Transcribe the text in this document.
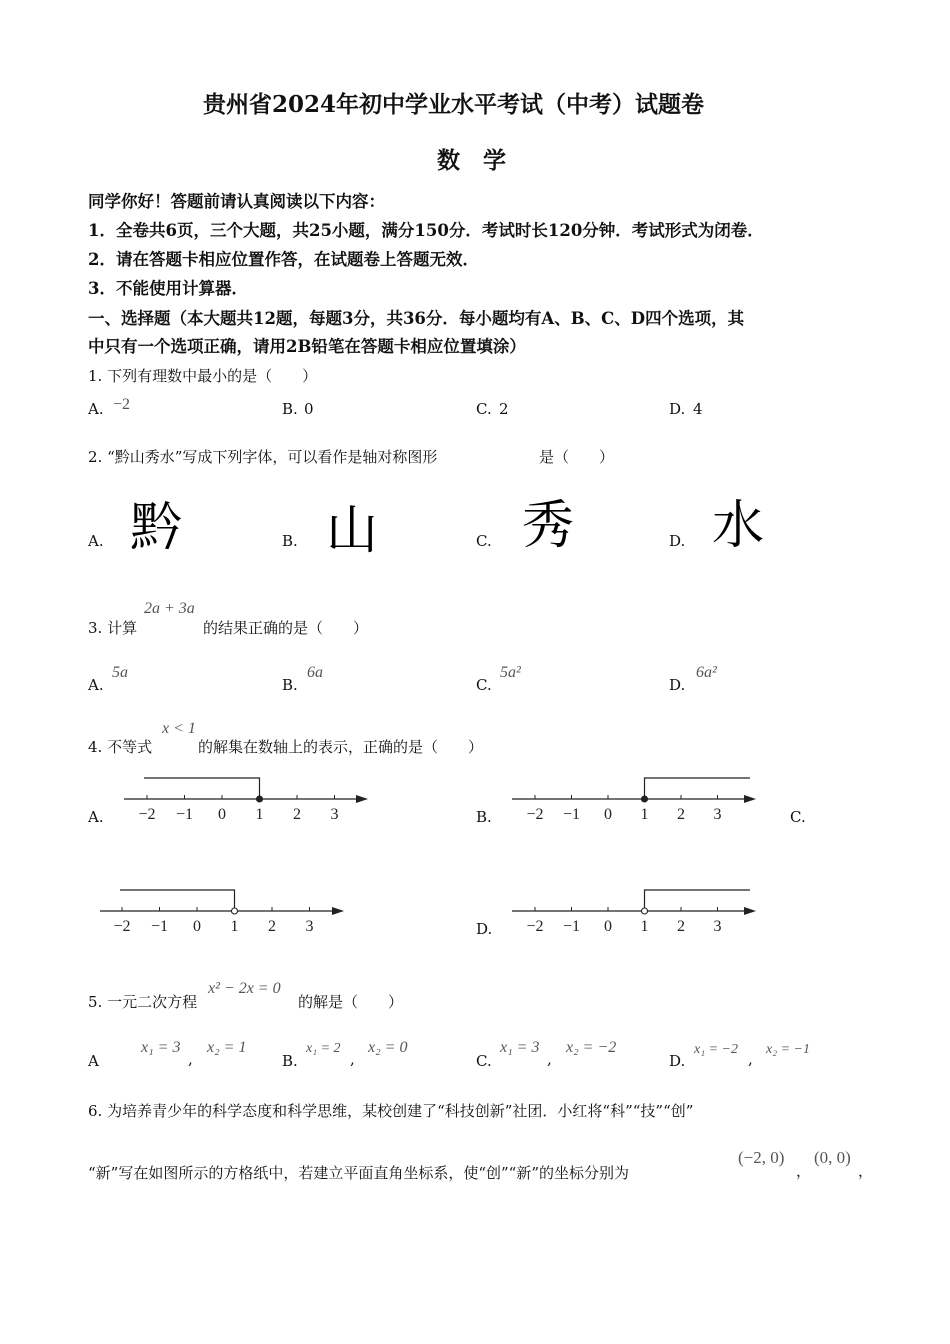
贵州省2024年初中学业水平考试（中考）试题卷
数　学
同学你好！答题前请认真阅读以下内容：
1．全卷共6页，三个大题，共25小题，满分150分．考试时长120分钟．考试形式为闭卷．
2．请在答题卡相应位置作答，在试题卷上答题无效．
3．不能使用计算器．
一、选择题（本大题共12题，每题3分，共36分．每小题均有A、B、C、D四个选项，其
中只有一个选项正确，请用2B铅笔在答题卡相应位置填涂）
1. 下列有理数中最小的是（　　）
A. −2	B. 0	C. 2	D. 4
2. “黔山秀水”写成下列字体，可以看作是轴对称图形	是（　　）
A. 黔	B. 山	C. 秀	D. 水
3. 计算
2a + 3a
的结果正确的是（　　）
A.
5a
B.
6a
C.
5a²
D.
6a²
4. 不等式
x < 1
的解集在数轴上的表示，正确的是（　　）
A. −2 −1 0 1 2 3	B. −2 −1 0 1 2 3	C.
−2 −1 0 1 2 3	D. −2 −1 0 1 2 3
5. 一元二次方程
x² − 2x = 0
的解是（　　）
A
x₁ = 3
,
x₂ = 1
B.
x₁ = 2
,
x₂ = 0
C.
x₁ = 3
,
x₂ = −2
D.
x₁ = −2
,
x₂ = −1
6. 为培养青少年的科学态度和科学思维，某校创建了“科技创新”社团．小红将“科”“技”“创”
“新”写在如图所示的方格纸中，若建立平面直角坐标系，使“创”“新”的坐标分别为
(−2, 0)
，
(0, 0)
，
